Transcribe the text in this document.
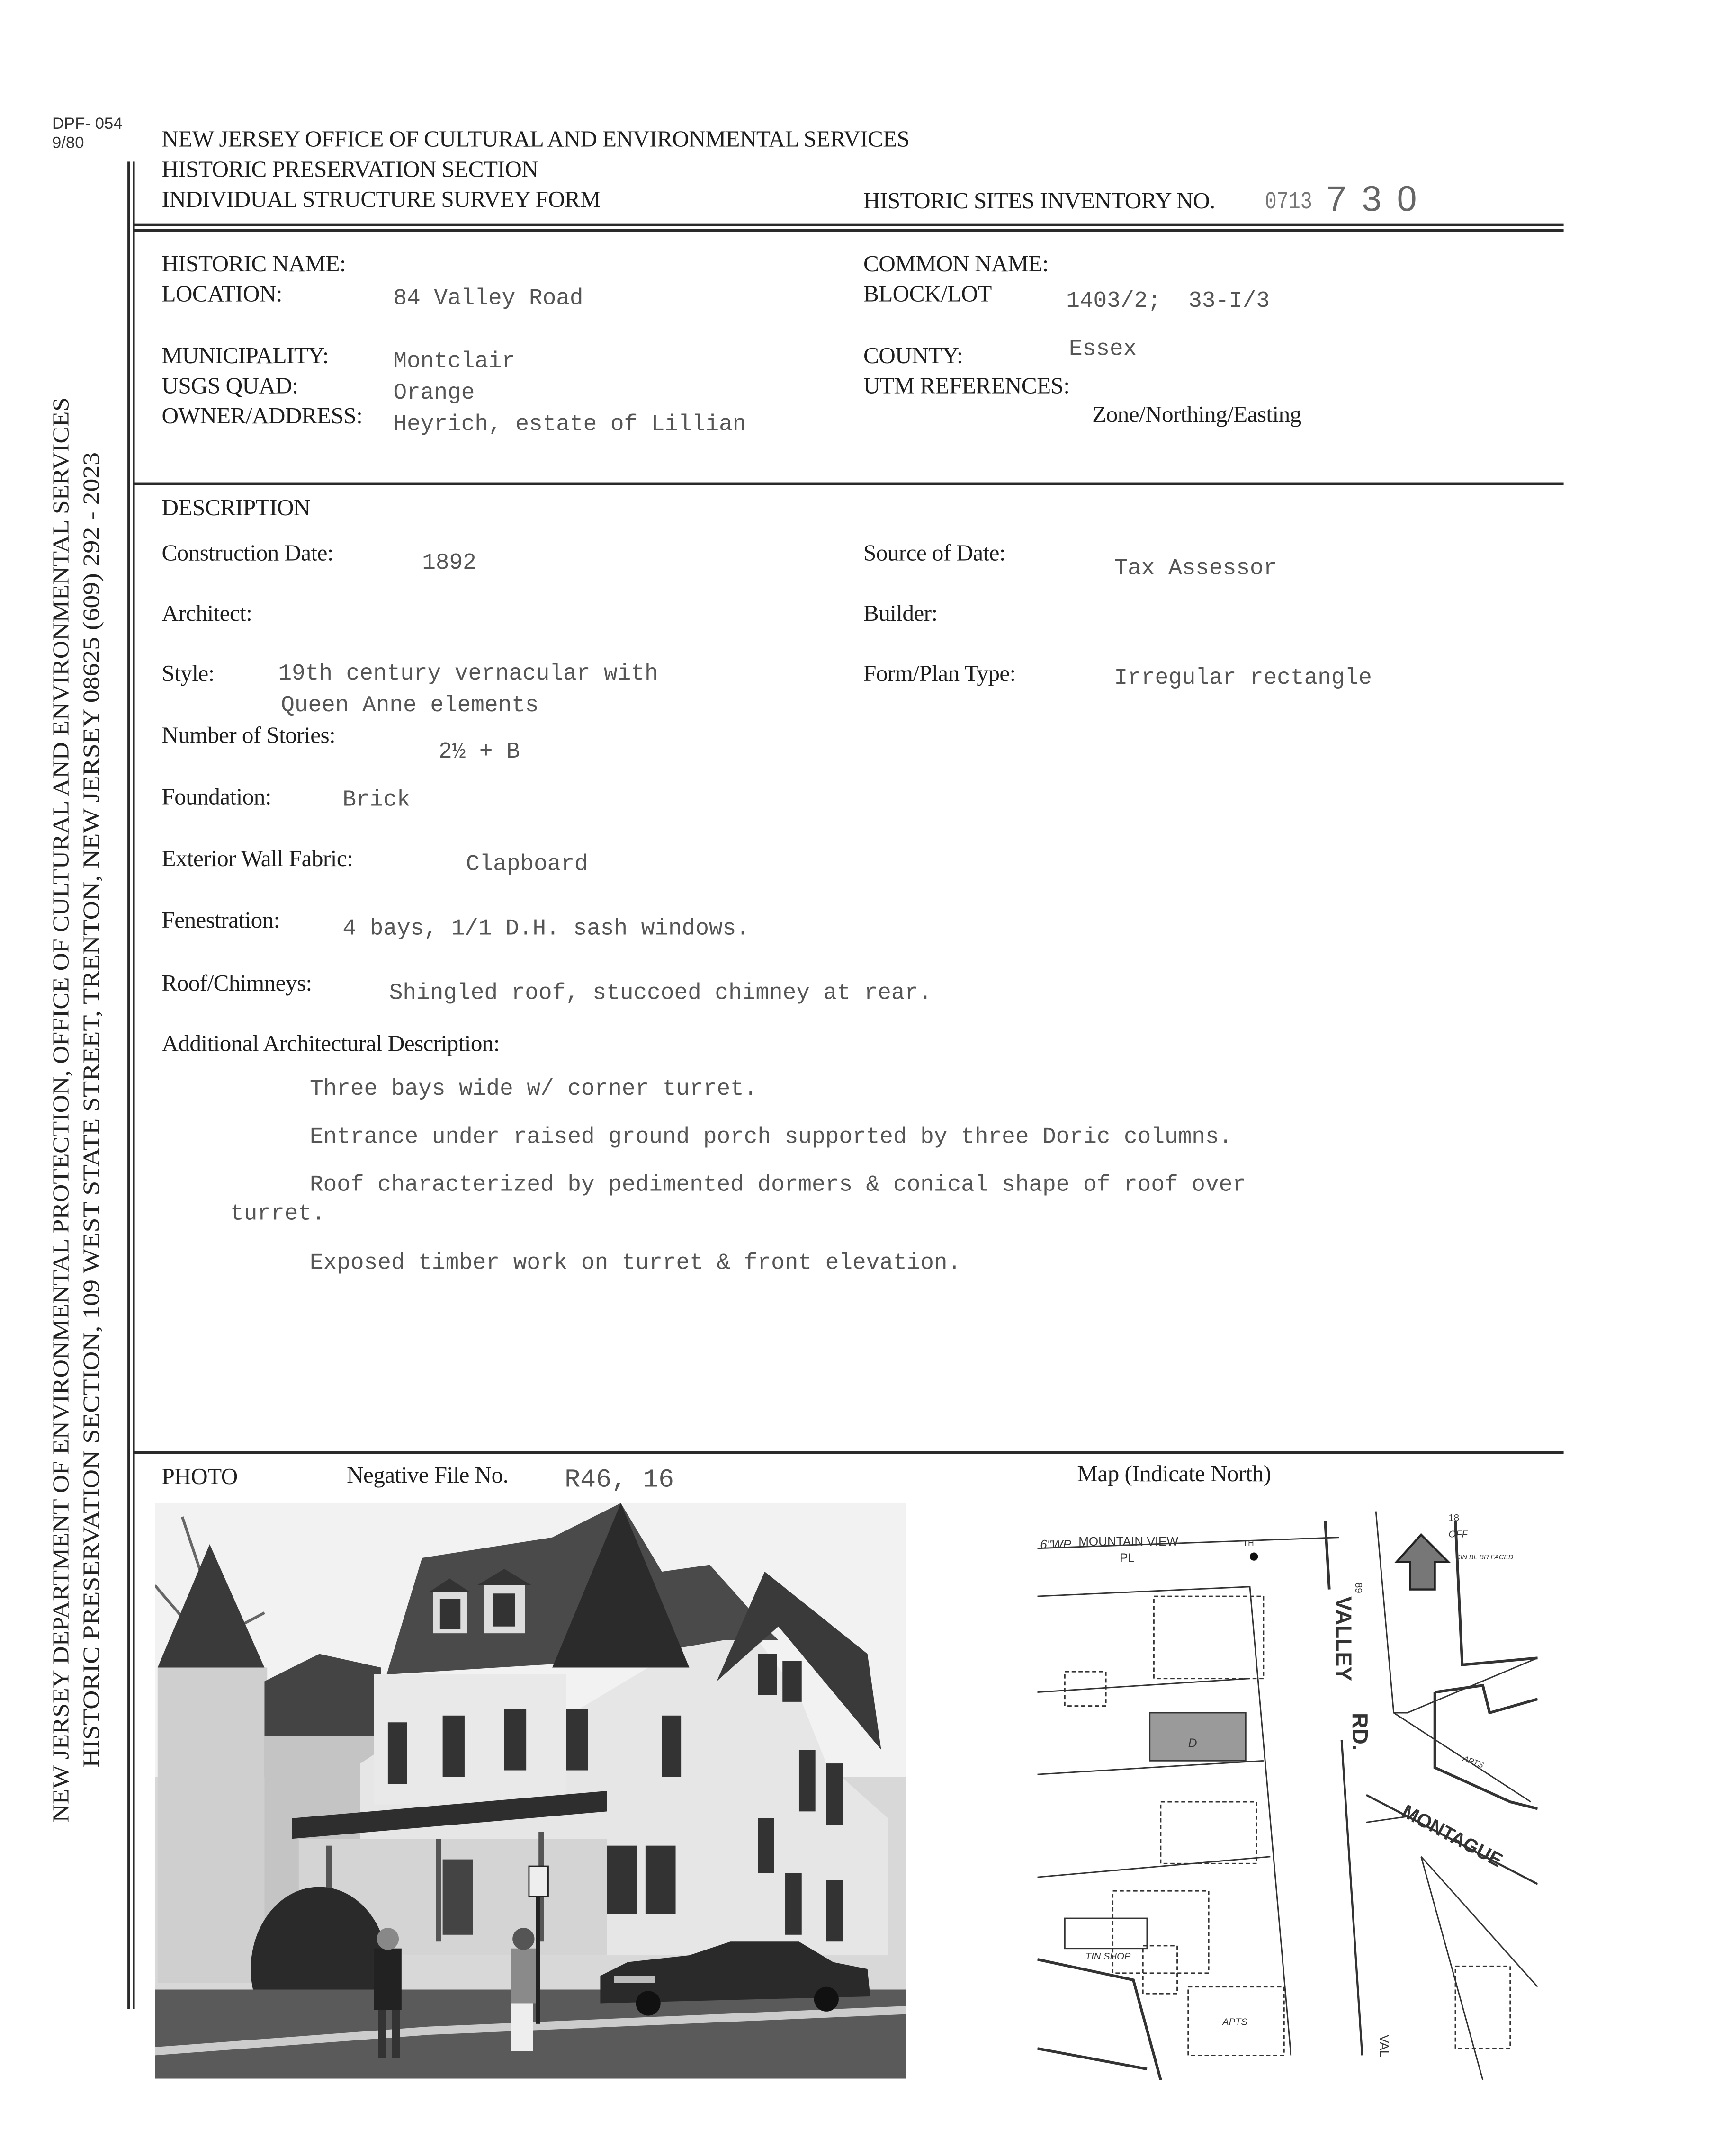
DPF- 054
9/80	NEW JERSEY OFFICE OF CULTURAL AND ENVIRONMENTAL SERVICES
HISTORIC PRESERVATION SECTION
INDIVIDUAL STRUCTURE SURVEY FORM	HISTORIC SITES INVENTORY NO.	0713 7 3 0
NEW JERSEY DEPARTMENT OF ENVIRONMENTAL PROTECTION, OFFICE OF CULTURAL AND ENVIRONMENTAL SERVICES HISTORIC PRESERVATION SECTION, 109 WEST STATE STREET, TRENTON, NEW JERSEY 08625 (609) 292 - 2023
HISTORIC NAME:	COMMON NAME:
LOCATION:	84 Valley Road	BLOCK/LOT	1403/2;  33-I/3
MUNICIPALITY:	Montclair	COUNTY:	Essex
USGS QUAD:	Orange	UTM REFERENCES:
Zone/Northing/Easting
OWNER/ADDRESS:	Heyrich, estate of Lillian
DESCRIPTION
Construction Date:	1892	Source of Date:
Tax Assessor
Architect:	Builder:
Style:	19th century vernacular with
Queen Anne elements
Form/Plan Type:	Irregular rectangle
Number of Stories:
2½ + B
Foundation:	Brick
Exterior Wall Fabric:	Clapboard
Fenestration:	4 bays, 1/1 D.H. sash windows.
Roof/Chimneys:	Shingled roof, stuccoed chimney at rear.
Additional Architectural Description:
Three bays wide w/ corner turret.
Entrance under raised ground porch supported by three Doric columns.
Roof characterized by pedimented dormers & conical shape of roof over
turret.
Exposed timber work on turret & front elevation.
PHOTO	Negative File No.	R46, 16	Map (Indicate North)
MOUNTAIN VIEW
PL
6"WP	TH
D
TIN SHOP
APTS
APTS
OFF
CIN BL BR FACED
18
89
VALLEY
RD.
MONTAGUE
VAL
